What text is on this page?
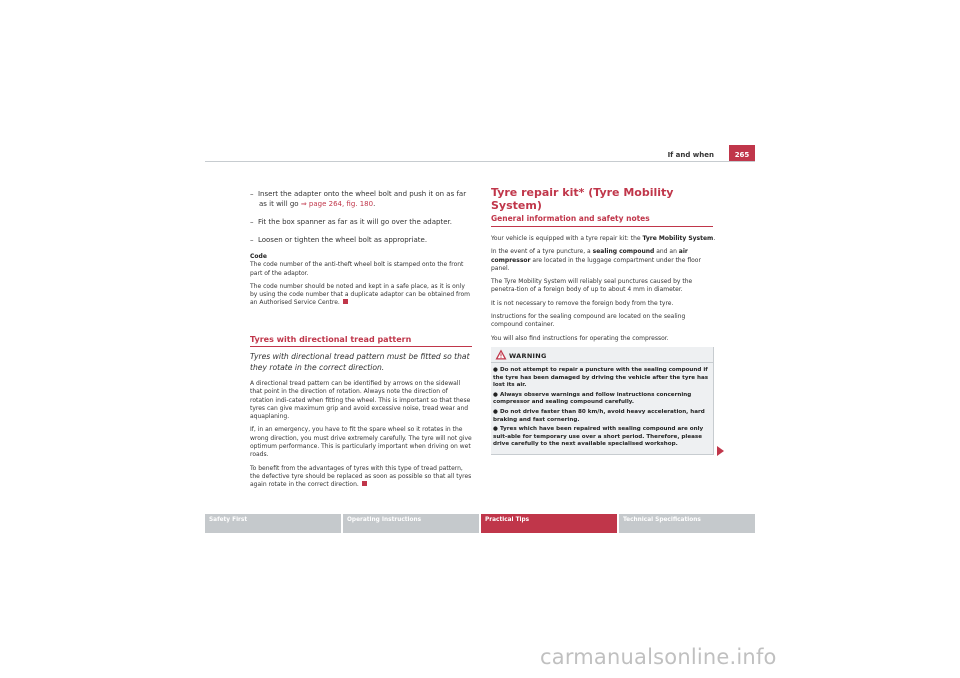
If and when	265
– Insert the adapter onto the wheel bolt and push it on as far as it will go ⇒ page 264, fig. 180.
– Fit the box spanner as far as it will go over the adapter.
– Loosen or tighten the wheel bolt as appropriate.
Code

The code number of the anti-theft wheel bolt is stamped onto the front part of the adaptor.

The code number should be noted and kept in a safe place, as it is only by using the code number that a duplicate adaptor can be obtained from an Authorised Service Centre.

Tyres with directional tread pattern
Tyres with directional tread pattern must be fitted so that they rotate in the correct direction.

A directional tread pattern can be identified by arrows on the sidewall that point in the direction of rotation. Always note the direction of rotation indi-cated when fitting the wheel. This is important so that these tyres can give maximum grip and avoid excessive noise, tread wear and aquaplaning.

If, in an emergency, you have to fit the spare wheel so it rotates in the wrong direction, you must drive extremely carefully. The tyre will not give optimum performance. This is particularly important when driving on wet roads.

To benefit from the advantages of tyres with this type of tread pattern, the defective tyre should be replaced as soon as possible so that all tyres again rotate in the correct direction.

Tyre repair kit* (Tyre Mobility System)
General information and safety notes

Your vehicle is equipped with a tyre repair kit: the Tyre Mobility System.

In the event of a tyre puncture, a sealing compound and an air compressor are located in the luggage compartment under the floor panel.

The Tyre Mobility System will reliably seal punctures caused by the penetra-tion of a foreign body of up to about 4 mm in diameter.

It is not necessary to remove the foreign body from the tyre.

Instructions for the sealing compound are located on the sealing compound container.

You will also find instructions for operating the compressor.

WARNING
● Do not attempt to repair a puncture with the sealing compound if the tyre has been damaged by driving the vehicle after the tyre has lost its air.
● Always observe warnings and follow instructions concerning compressor and sealing compound carefully.
● Do not drive faster than 80 km/h, avoid heavy acceleration, hard braking and fast cornering.
● Tyres which have been repaired with sealing compound are only suit-able for temporary use over a short period. Therefore, please drive carefully to the next available specialised workshop.
Safety First	Operating Instructions	Practical Tips	Technical Specifications
carmanualsonline.info
